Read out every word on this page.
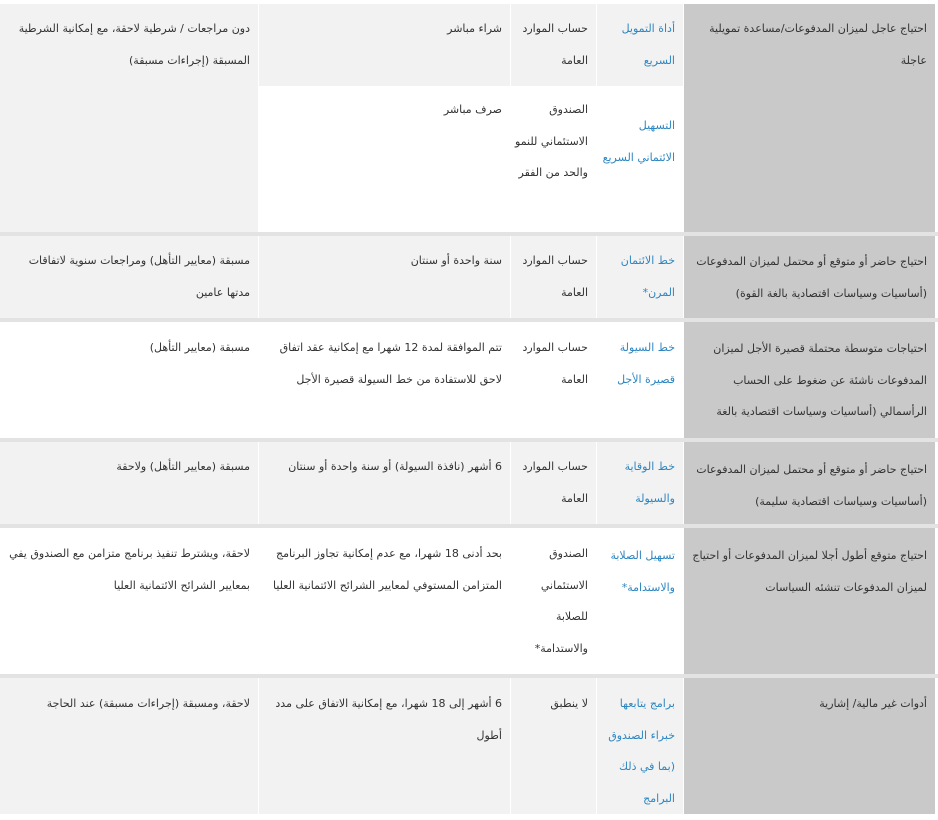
أداة التمويل السريع
حساب الموارد العامة
شراء مباشر
دون مراجعات / شرطية لاحقة، مع إمكانية الشرطية المسبقة (إجراءات مسبقة)
احتياج عاجل لميزان المدفوعات/مساعدة تمويلية عاجلة
التسهيل الائتماني السريع
الصندوق الاستئماني للنمو والحد من الفقر
صرف مباشر
احتياج حاضر أو متوقع أو محتمل لميزان المدفوعات (أساسيات وسياسات اقتصادية بالغة القوة)
خط الائتمان المرن*
حساب الموارد العامة
سنة واحدة أو سنتان
مسبقة (معايير التأهل) ومراجعات سنوية لاتفاقات مدتها عامين
احتياجات متوسطة محتملة قصيرة الأجل لميزان المدفوعات ناشئة عن ضغوط على الحساب الرأسمالي (أساسيات وسياسات اقتصادية بالغة
خط السيولة قصيرة الأجل
حساب الموارد العامة
تتم الموافقة لمدة 12 شهرا مع إمكانية عقد اتفاق لاحق للاستفادة من خط السيولة قصيرة الأجل
مسبقة (معايير التأهل)
احتياج حاضر أو متوقع أو محتمل لميزان المدفوعات (أساسيات وسياسات اقتصادية سليمة)
خط الوقاية والسيولة
حساب الموارد العامة
6 أشهر (نافذة السيولة) أو سنة واحدة أو سنتان
مسبقة (معايير التأهل) ولاحقة
احتياج متوقع أطول أجلا لميزان المدفوعات أو احتياج لميزان المدفوعات تنشئه السياسات
تسهيل الصلابة والاستدامة*
الصندوق الاستئماني للصلابة والاستدامة*
بحد أدنى 18 شهرا، مع عدم إمكانية تجاوز البرنامج المتزامن المستوفي لمعايير الشرائح الائتمانية العليا
لاحقة، ويشترط تنفيذ برنامج متزامن مع الصندوق يفي بمعايير الشرائح الائتمانية العليا
أدوات غير مالية/ إشارية
برامج يتابعها خبراء الصندوق (بما في ذلك البرامج
لا ينطبق
6 أشهر إلى 18 شهرا، مع إمكانية الاتفاق على مدد أطول
لاحقة، ومسبقة (إجراءات مسبقة) عند الحاجة
